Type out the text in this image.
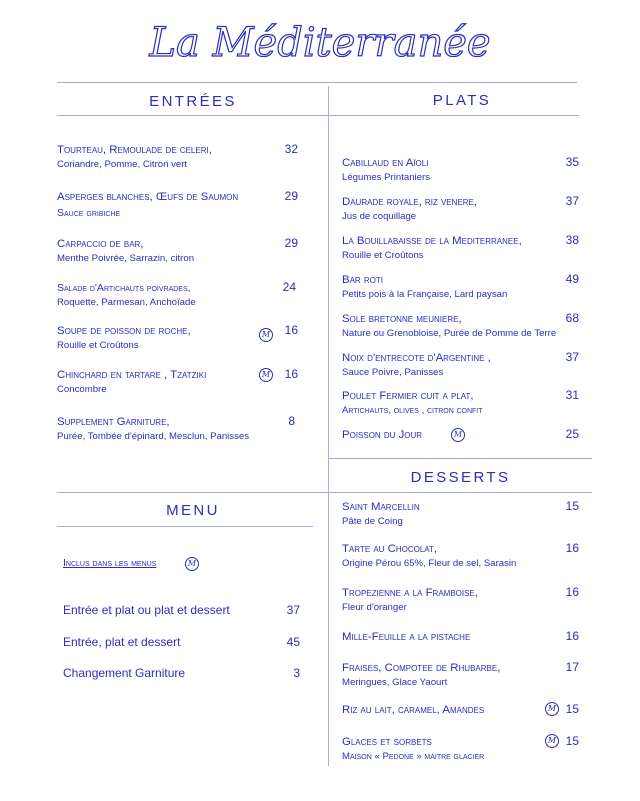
La Méditerranée
ENTRÉES	PLATS
DESSERTS
MENU
Tourteau, Remoulade de celeri,
Coriandre, Pomme, Citron vert
32
Asperges blanches, Œufs de Saumon
Sauce gribiche
29
Carpaccio de bar,
Menthe Poivrée, Sarrazin, citron
29
Salade d'Artichauts poivrades,
Roquette, Parmesan, Anchoïade
24
Soupe de poisson de roche,
Rouille et Croûtons
M	16
Chinchard en tartare , Tzatziki
Concombre
M	16
Supplement Garniture,
Purée, Tombée d'épinard, Mesclun, Panisses
8
Cabillaud en Aïoli
Légumes Printaniers
35
Daurade royale, riz venere,
Jus de coquillage
37
La Bouillabaisse de la Mediterranee,
Rouille et Croûtons
38
Bar roti
Petits pois à la Française, Lard paysan
49
Sole bretonne meuniere,
Nature ou Grenobloise, Purée de Pomme de Terre
68
Noix d'entrecote d'Argentine ,
Sauce Poivre, Panisses
37
Poulet Fermier cuit a plat,
Artichauts, olives , citron confit
31
Poisson du Jour	M	25
Inclus dans les menus	M
Entrée et plat ou plat et dessert	37
Entrée, plat et dessert	45
Changement Garniture	3
Saint Marcellin
Pâte de Coing
15
Tarte au Chocolat,
Origine Pérou 65%, Fleur de sel, Sarasin
16
Tropezienne a la Framboise,
Fleur d'oranger
16
Mille-Feuille a la pistache	16
Fraises, Compotee de Rhubarbe,
Meringues, Glace Yaourt
17
Riz au lait, caramel, Amandes	M 15
Glaces et sorbets
Maison « Pedone » maitre glacier
M 15
